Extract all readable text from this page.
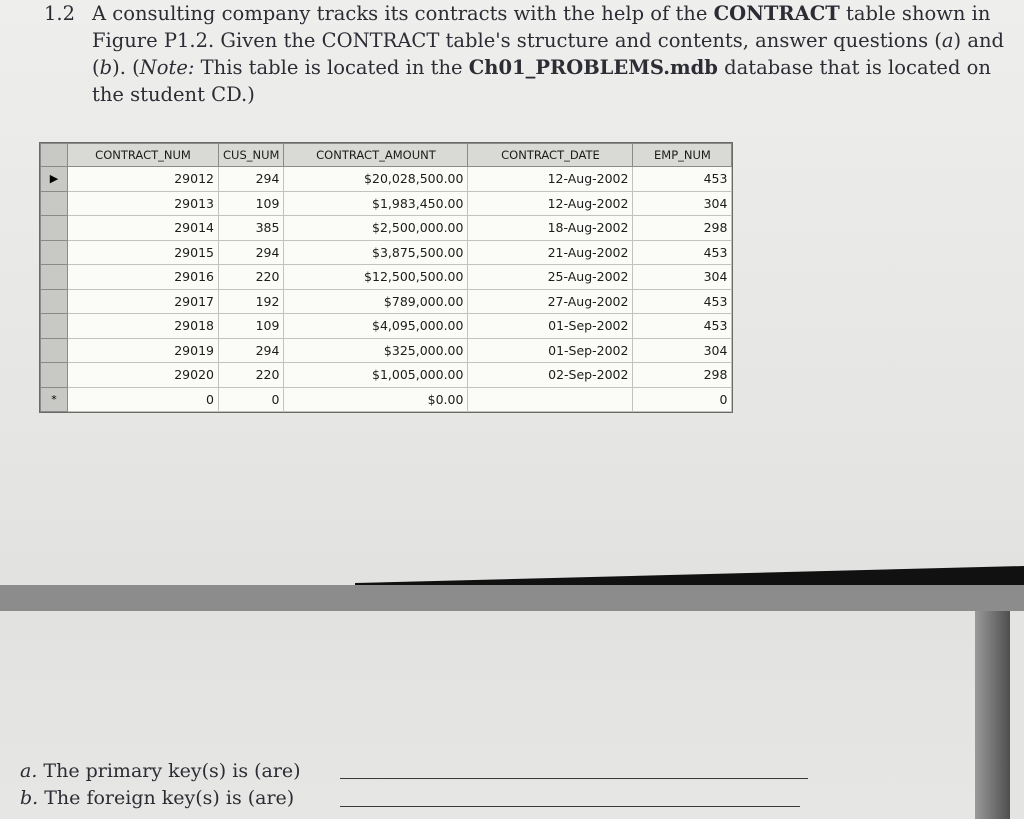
1.2 A consulting company tracks its contracts with the help of the CONTRACT table shown in Figure P1.2. Given the CONTRACT table's structure and contents, answer questions (a) and (b). (Note: This table is located in the Ch01_PROBLEMS.mdb database that is located on the student CD.)
	CONTRACT_NUM	CUS_NUM	CONTRACT_AMOUNT	CONTRACT_DATE	EMP_NUM
▶	29012	294	$20,028,500.00	12-Aug-2002	453
	29013	109	$1,983,450.00	12-Aug-2002	304
	29014	385	$2,500,000.00	18-Aug-2002	298
	29015	294	$3,875,500.00	21-Aug-2002	453
	29016	220	$12,500,500.00	25-Aug-2002	304
	29017	192	$789,000.00	27-Aug-2002	453
	29018	109	$4,095,000.00	01-Sep-2002	453
	29019	294	$325,000.00	01-Sep-2002	304
	29020	220	$1,005,000.00	02-Sep-2002	298
*	0	0	$0.00		0
a. The primary key(s) is (are)
b. The foreign key(s) is (are)
